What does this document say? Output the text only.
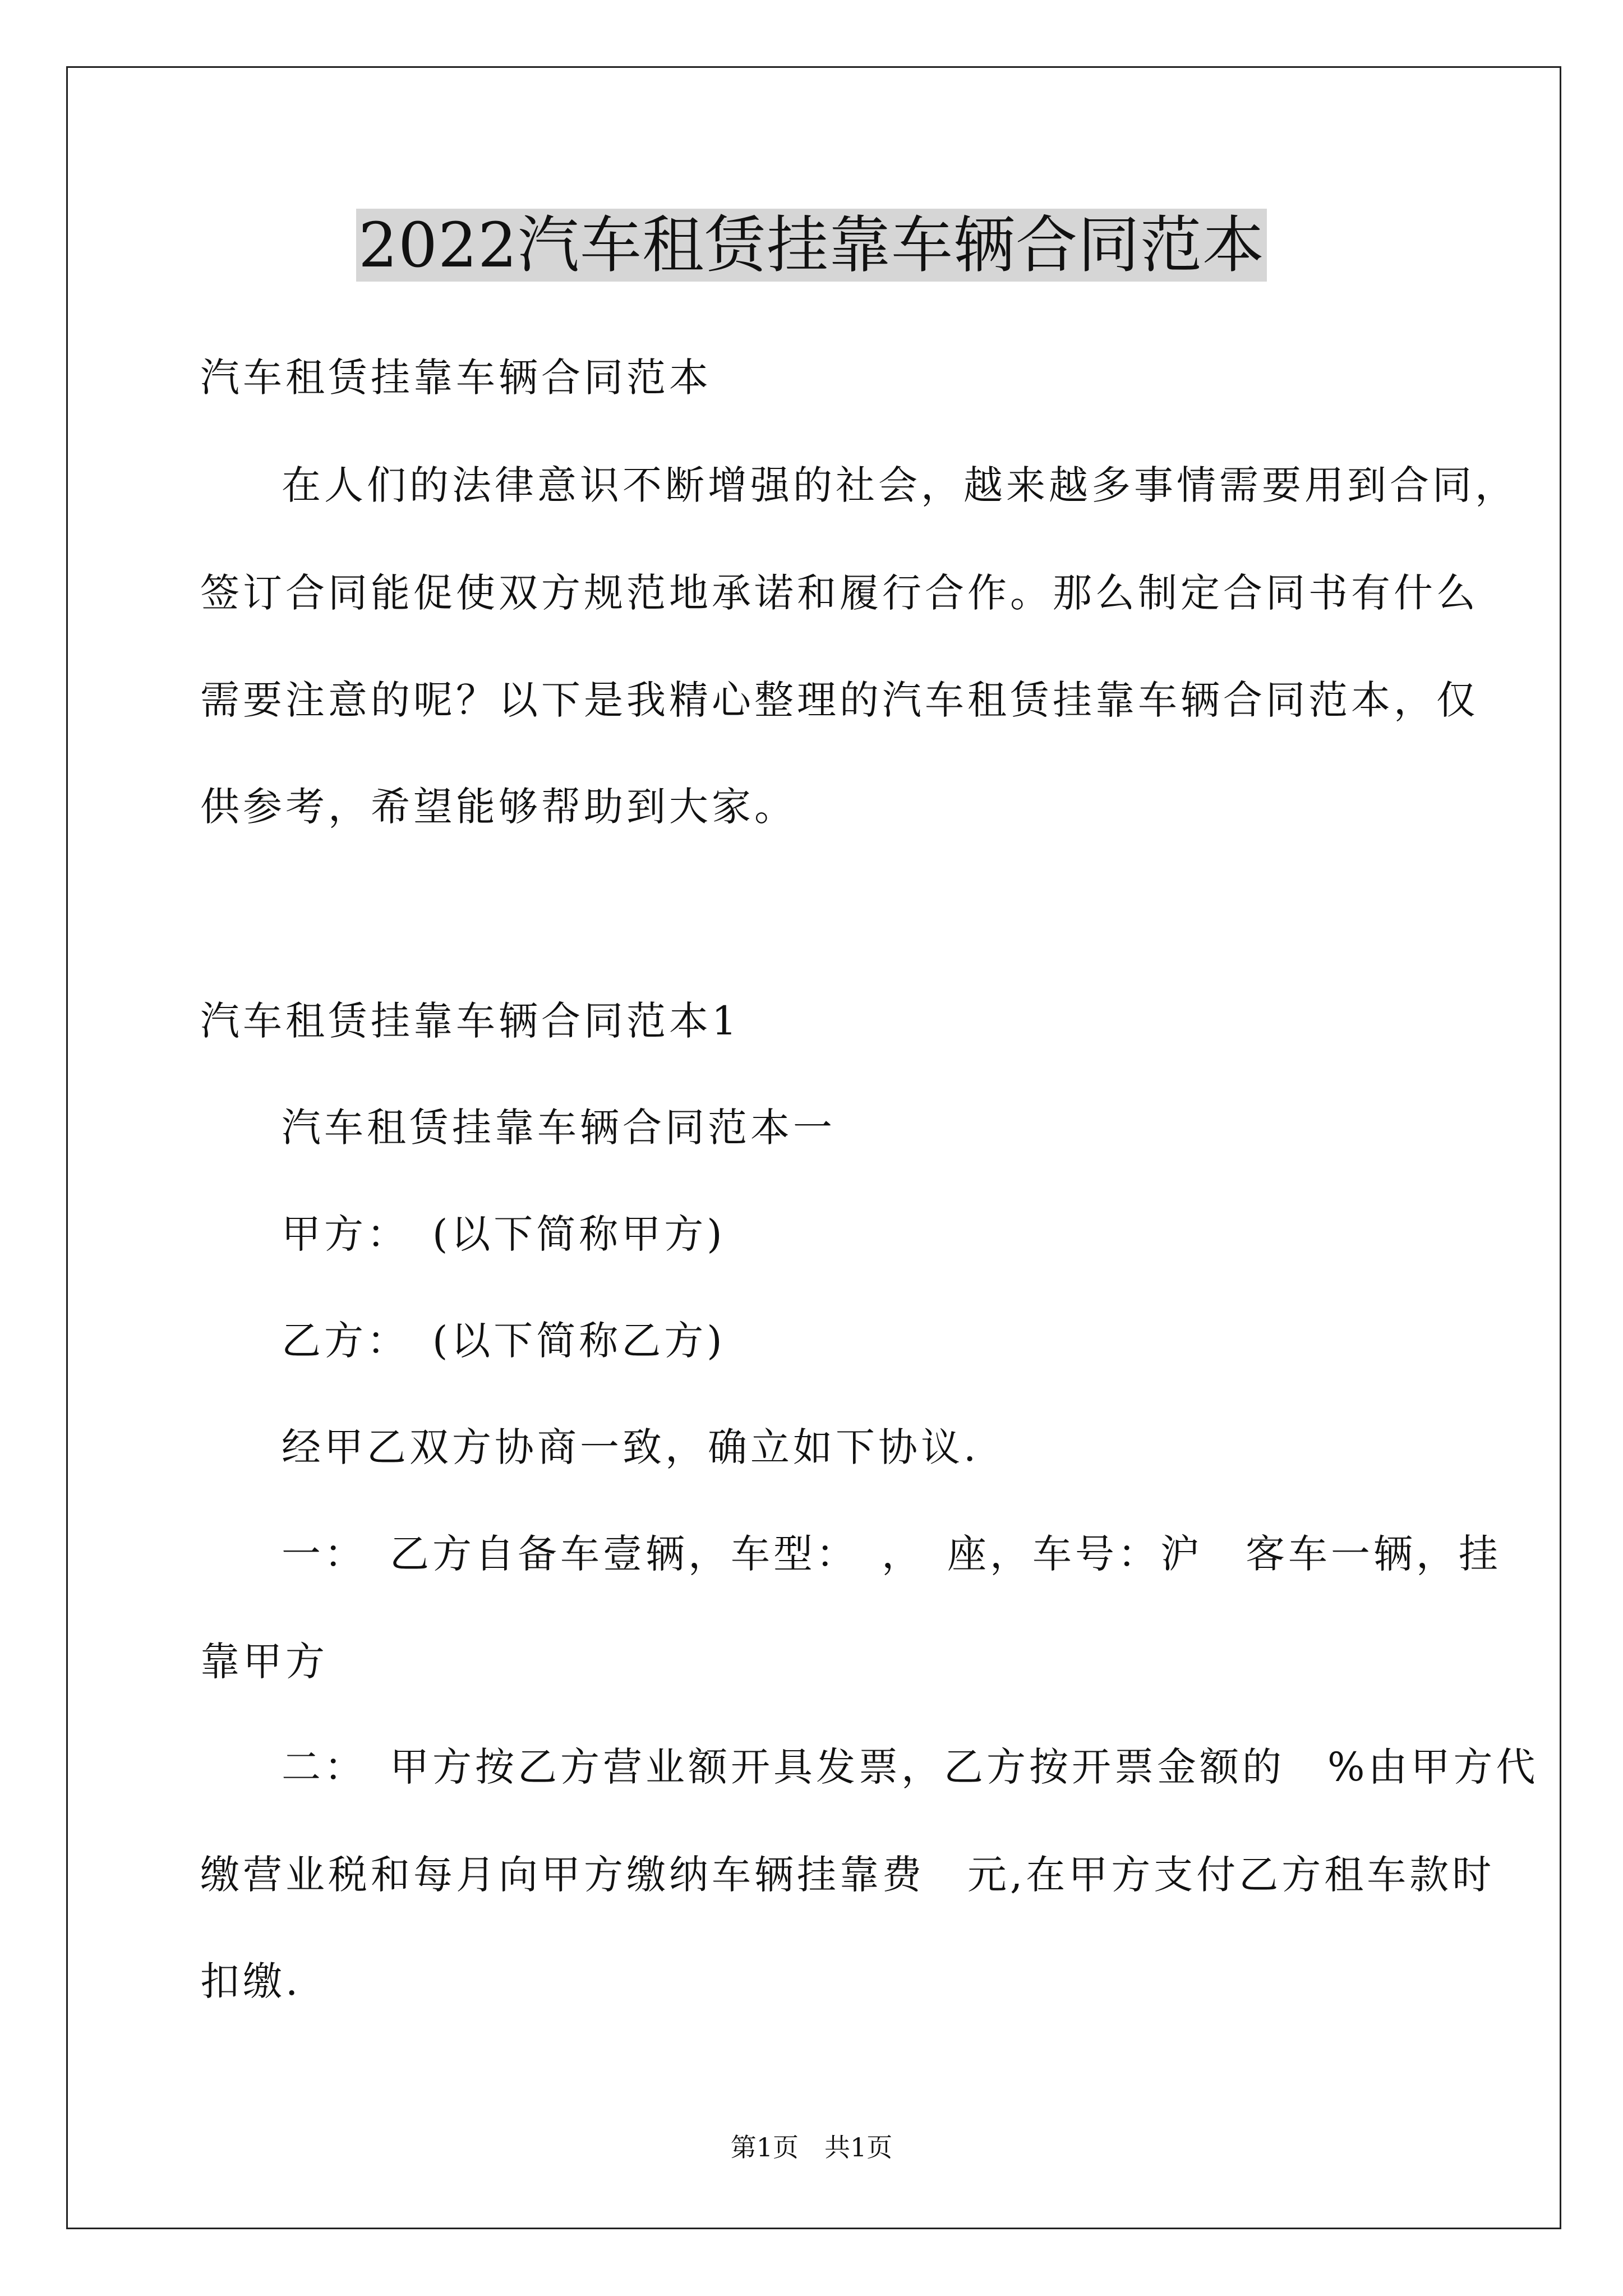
2022汽车租赁挂靠车辆合同范本
汽车租赁挂靠车辆合同范本
在人们的法律意识不断增强的社会，越来越多事情需要用到合同，
签订合同能促使双方规范地承诺和履行合作。那么制定合同书有什么
需要注意的呢？以下是我精心整理的汽车租赁挂靠车辆合同范本，仅
供参考，希望能够帮助到大家。
汽车租赁挂靠车辆合同范本1
汽车租赁挂靠车辆合同范本一
甲方：　(以下简称甲方)
乙方：　(以下简称乙方)
经甲乙双方协商一致，确立如下协议.
一：　乙方自备车壹辆，车型：　，　座，车号：沪　客车一辆，挂
靠甲方
二：　甲方按乙方营业额开具发票，乙方按开票金额的　%由甲方代
缴营业税和每月向甲方缴纳车辆挂靠费　元,在甲方支付乙方租车款时
扣缴.
第1页　共1页
